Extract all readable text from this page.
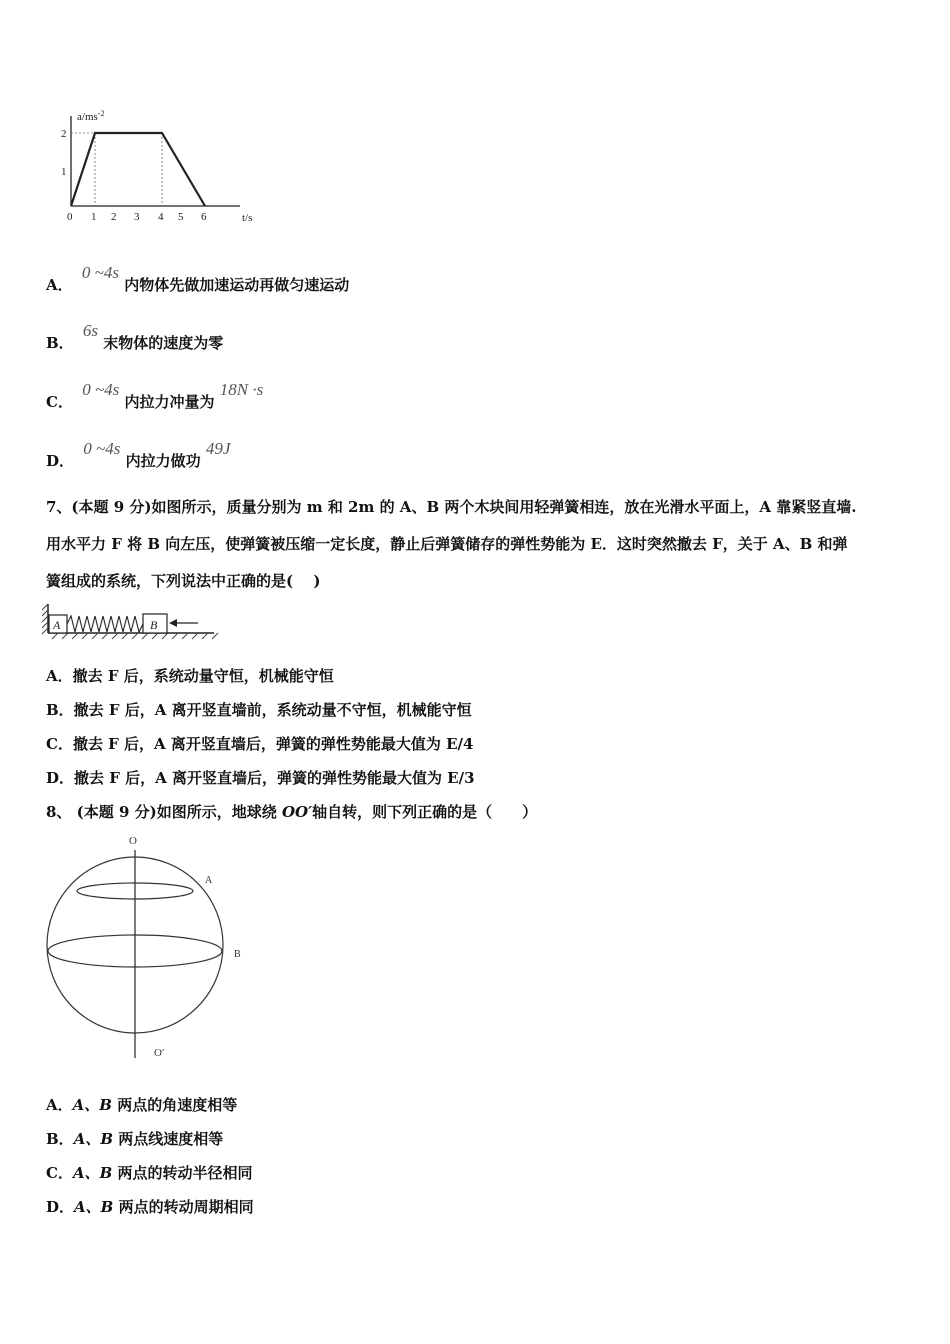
$a/ms^{-2}$
2
1
0 1 2 3 4 5 6	t/s
A． 0 ~4s 内物体先做加速运动再做匀速运动
B． 6s 末物体的速度为零
C． 0 ~4s 内拉力冲量为 18N ·s
D． 0 ~4s 内拉力做功 49J
7、(本题 9 分)如图所示，质量分别为 m 和 2m 的 A、B 两个木块间用轻弹簧相连，放在光滑水平面上，A 靠紧竖直墙.
用水平力 F 将 B 向左压，使弹簧被压缩一定长度，静止后弹簧储存的弹性势能为 E．这时突然撤去 F，关于 A、B 和弹
簧组成的系统，下列说法中正确的是(　 )
A	B
A．撤去 F 后，系统动量守恒，机械能守恒
B．撤去 F 后，A 离开竖直墙前，系统动量不守恒，机械能守恒
C．撤去 F 后，A 离开竖直墙后，弹簧的弹性势能最大值为 E/4
D．撤去 F 后，A 离开竖直墙后，弹簧的弹性势能最大值为 E/3
8、 (本题 9 分)如图所示，地球绕 OO′轴自转，则下列正确的是（　　）
O
A
B
O′
A．A、B 两点的角速度相等
B．A、B 两点线速度相等
C．A、B 两点的转动半径相同
D．A、B 两点的转动周期相同
